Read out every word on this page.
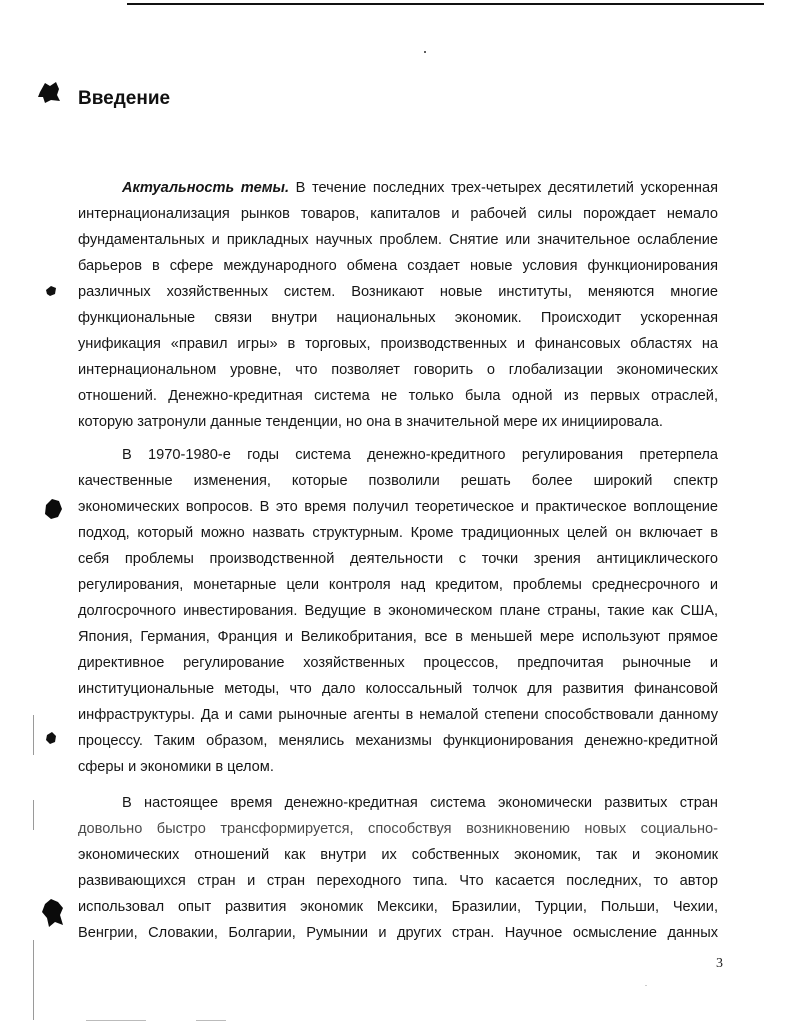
Введение
Актуальность темы. В течение последних трех-четырех десятилетий ускоренная
интернационализация рынков товаров, капиталов и рабочей силы порождает немало
фундаментальных и прикладных научных проблем. Снятие или значительное ослабление
барьеров в сфере международного обмена создает новые условия функционирования
различных хозяйственных систем. Возникают новые институты, меняются многие
функциональные связи внутри национальных экономик. Происходит ускоренная
унификация «правил игры» в торговых, производственных и финансовых областях на
интернациональном уровне, что позволяет говорить о глобализации экономических
отношений. Денежно-кредитная система не только была одной из первых отраслей,
которую затронули данные тенденции, но она в значительной мере их инициировала.
В 1970-1980-е годы система денежно-кредитного регулирования претерпела
качественные изменения, которые позволили решать более широкий спектр
экономических вопросов. В это время получил теоретическое и практическое воплощение
подход, который можно назвать структурным. Кроме традиционных целей он включает в
себя проблемы производственной деятельности с точки зрения антициклического
регулирования, монетарные цели контроля над кредитом, проблемы среднесрочного и
долгосрочного инвестирования. Ведущие в экономическом плане страны, такие как США,
Япония, Германия, Франция и Великобритания, все в меньшей мере используют прямое
директивное регулирование хозяйственных процессов, предпочитая рыночные и
институциональные методы, что дало колоссальный толчок для развития финансовой
инфраструктуры. Да и сами рыночные агенты в немалой степени способствовали данному
процессу. Таким образом, менялись механизмы функционирования денежно-кредитной
сферы и экономики в целом.
В настоящее время денежно-кредитная система экономически развитых стран
довольно быстро трансформируется, способствуя возникновению новых социально-
экономических отношений как внутри их собственных экономик, так и экономик
развивающихся стран и стран переходного типа. Что касается последних, то автор
использовал опыт развития экономик Мексики, Бразилии, Турции, Польши, Чехии,
Венгрии, Словакии, Болгарии, Румынии и других стран. Научное осмысление данных
3
